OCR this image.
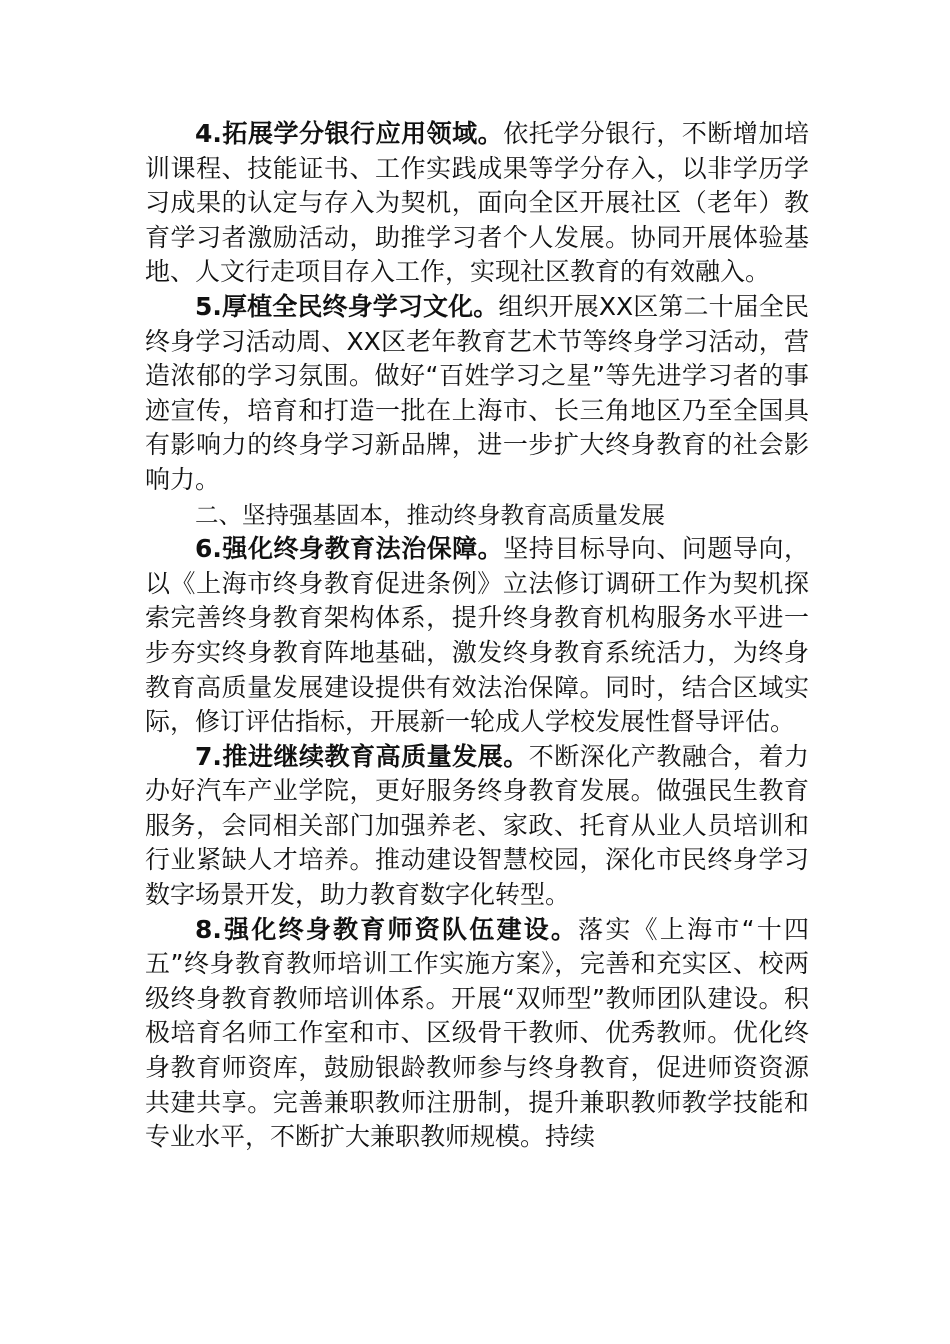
4.拓展学分银行应用领域。依托学分银行，不断增加培训课程、技能证书、工作实践成果等学分存入，以非学历学习成果的认定与存入为契机，面向全区开展社区（老年）教育学习者激励活动，助推学习者个人发展。协同开展体验基地、人文行走项目存入工作，实现社区教育的有效融入。

5.厚植全民终身学习文化。组织开展XX区第二十届全民终身学习活动周、XX区老年教育艺术节等终身学习活动，营造浓郁的学习氛围。做好“百姓学习之星”等先进学习者的事迹宣传，培育和打造一批在上海市、长三角地区乃至全国具有影响力的终身学习新品牌，进一步扩大终身教育的社会影响力。

二、坚持强基固本，推动终身教育高质量发展

6.强化终身教育法治保障。坚持目标导向、问题导向，以《上海市终身教育促进条例》立法修订调研工作为契机探索完善终身教育架构体系，提升终身教育机构服务水平进一步夯实终身教育阵地基础，激发终身教育系统活力，为终身教育高质量发展建设提供有效法治保障。同时，结合区域实际，修订评估指标，开展新一轮成人学校发展性督导评估。

7.推进继续教育高质量发展。不断深化产教融合，着力办好汽车产业学院，更好服务终身教育发展。做强民生教育服务，会同相关部门加强养老、家政、托育从业人员培训和行业紧缺人才培养。推动建设智慧校园，深化市民终身学习数字场景开发，助力教育数字化转型。

8.强化终身教育师资队伍建设。落实《上海市“十四五”终身教育教师培训工作实施方案》，完善和充实区、校两级终身教育教师培训体系。开展“双师型”教师团队建设。积极培育名师工作室和市、区级骨干教师、优秀教师。优化终身教育师资库，鼓励银龄教师参与终身教育，促进师资资源共建共享。完善兼职教师注册制，提升兼职教师教学技能和专业水平，不断扩大兼职教师规模。持续
